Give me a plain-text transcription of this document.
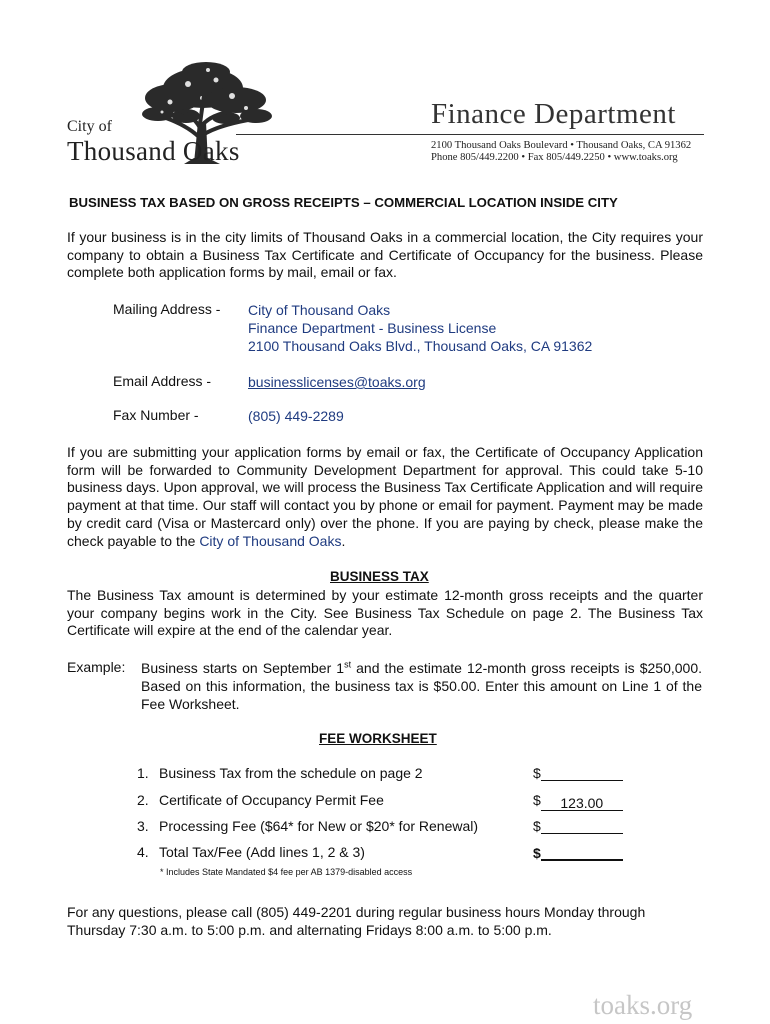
City of
Thousand Oaks
Finance Department
2100 Thousand Oaks Boulevard • Thousand Oaks, CA 91362
Phone 805/449.2200 • Fax 805/449.2250 • www.toaks.org
BUSINESS TAX BASED ON GROSS RECEIPTS – COMMERCIAL LOCATION INSIDE CITY
If your business is in the city limits of Thousand Oaks in a commercial location, the City requires your company to obtain a Business Tax Certificate and Certificate of Occupancy for the business. Please complete both application forms by mail, email or fax.
Mailing Address - City of Thousand Oaks
Finance Department - Business License
2100 Thousand Oaks Blvd., Thousand Oaks, CA 91362
Email Address -	businesslicenses@toaks.org
Fax Number -	(805) 449-2289
If you are submitting your application forms by email or fax, the Certificate of Occupancy Application form will be forwarded to Community Development Department for approval. This could take 5-10 business days. Upon approval, we will process the Business Tax Certificate Application and will require payment at that time. Our staff will contact you by phone or email for payment. Payment may be made by credit card (Visa or Mastercard only) over the phone. If you are paying by check, please make the check payable to the City of Thousand Oaks.
BUSINESS TAX
The Business Tax amount is determined by your estimate 12-month gross receipts and the quarter your company begins work in the City. See Business Tax Schedule on page 2. The Business Tax Certificate will expire at the end of the calendar year.
Example: Business starts on September 1st and the estimate 12-month gross receipts is $250,000. Based on this information, the business tax is $50.00. Enter this amount on Line 1 of the Fee Worksheet.
FEE WORKSHEET
1. Business Tax from the schedule on page 2	$
2. Certificate of Occupancy Permit Fee	$ 123.00
3. Processing Fee ($64* for New or $20* for Renewal)	$
4. Total Tax/Fee (Add lines 1, 2 & 3)	$
* Includes State Mandated $4 fee per AB 1379-disabled access
For any questions, please call (805) 449-2201 during regular business hours Monday through Thursday 7:30 a.m. to 5:00 p.m. and alternating Fridays 8:00 a.m. to 5:00 p.m.
toaks.org
